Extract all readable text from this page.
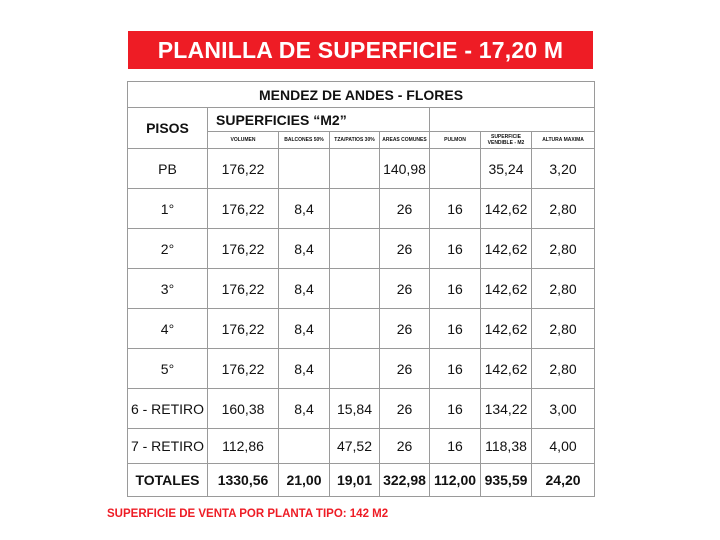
PLANILLA DE SUPERFICIE - 17,20 M
MENDEZ DE ANDES - FLORES							
PISOS	SUPERFICIES “M2”						
	VOLUMEN	BALCONES 50%	TZA/PATIOS 30%	AREAS COMUNES	PULMON	SUPERFICIE VENDIBLE - M2	ALTURA MAXIMA
PB	176,22			140,98		35,24	3,20
1°	176,22	8,4		26	16	142,62	2,80
2°	176,22	8,4		26	16	142,62	2,80
3°	176,22	8,4		26	16	142,62	2,80
4°	176,22	8,4		26	16	142,62	2,80
5°	176,22	8,4		26	16	142,62	2,80
6 - RETIRO	160,38	8,4	15,84	26	16	134,22	3,00
7 - RETIRO	112,86		47,52	26	16	118,38	4,00
TOTALES	1330,56	21,00	19,01	322,98	112,00	935,59	24,20
SUPERFICIE DE VENTA POR PLANTA TIPO: 142 M2
